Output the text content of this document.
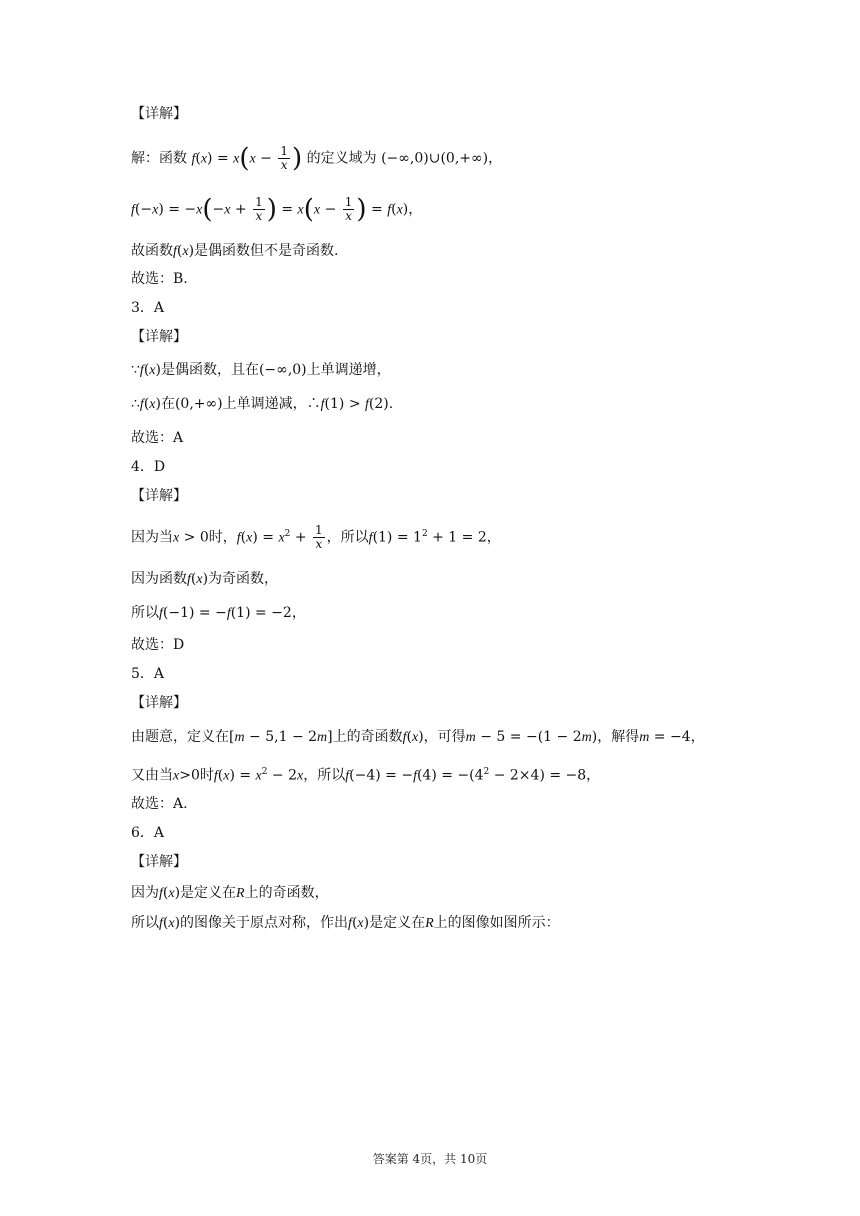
【详解】
解：函数 $f(x) = x(x - \frac{1}{x}$ ) 的定义域为 (−∞,0)∪(0,+∞)，
$f(-x) = -x(-x + \frac{1}{x}$ ) = $x(x - \frac{1}{x}$ ) = f(x)，
故函数f(x)是偶函数但不是奇函数.
故选：B.
3．A
【详解】
∵f(x)是偶函数，且在(−∞,0)上单调递增，
∴f(x)在(0,+∞)上单调递减，∴f(1) > f(2).
故选：A
4．D
【详解】
因为当x > 0时，$f(x) = x^2 + \frac{1}{x}$ ，所以$f(1) = 1^2 + 1 = 2$，
因为函数f(x)为奇函数，
所以f(−1) = −f(1) = −2，
故选：D
5．A
【详解】
由题意，定义在[m − 5,1 − 2m]上的奇函数f(x)，可得m − 5 = −(1 − 2m)，解得m = −4，
又由当x>0时$f(x) = x^2 - 2x$，所以$f(-4) = -f(4) = -(4^2 - 2\times 4) = -8$，
故选：A.
6．A
【详解】
因为f(x)是定义在R上的奇函数，
所以f(x)的图像关于原点对称，作出f(x)是定义在R上的图像如图所示：
答案第 4页，共 10页
